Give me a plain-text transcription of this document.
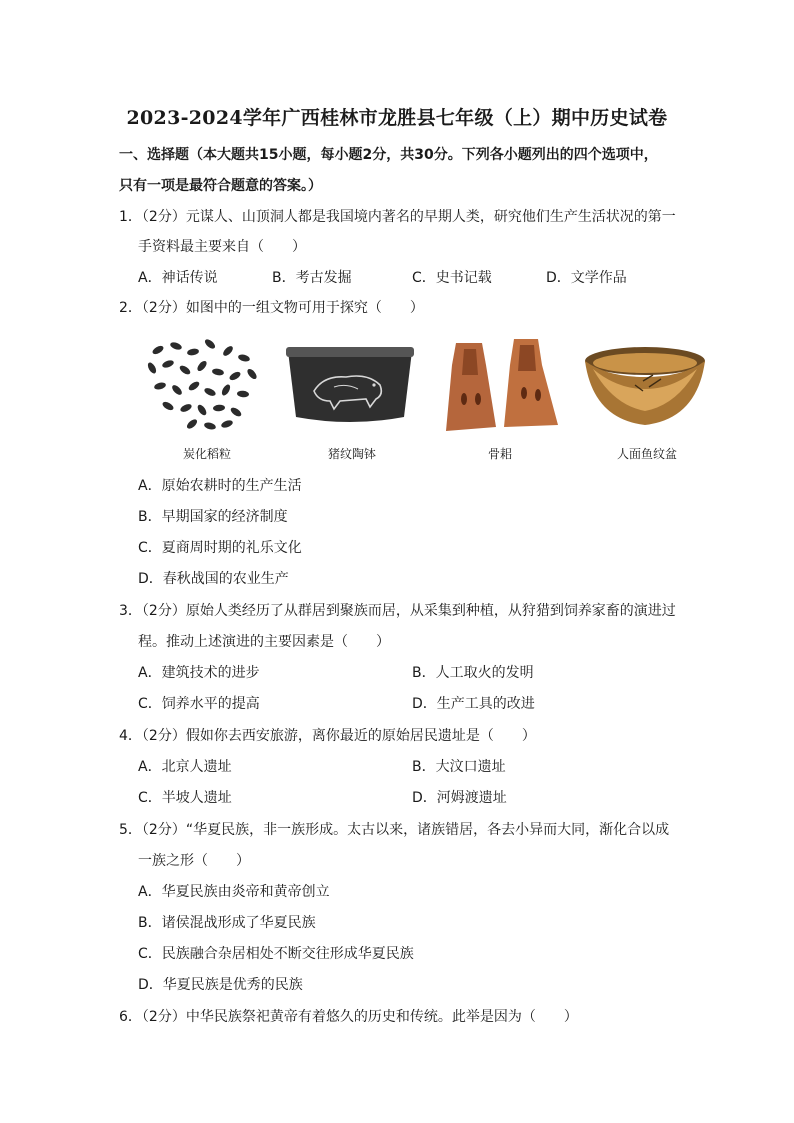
2023-2024学年广西桂林市龙胜县七年级（上）期中历史试卷
一、选择题（本大题共15小题，每小题2分，共30分。下列各小题列出的四个选项中，
只有一项是最符合题意的答案。）
1．（2分）元谋人、山顶洞人都是我国境内著名的早期人类，研究他们生产生活状况的第一
手资料最主要来自（　　）
A．神话传说	B．考古发掘	C．史书记载	D．文学作品
2．（2分）如图中的一组文物可用于探究（　　）
炭化稻粒	猪纹陶钵	骨耜	人面鱼纹盆
A．原始农耕时的生产生活
B．早期国家的经济制度
C．夏商周时期的礼乐文化
D．春秋战国的农业生产
3．（2分）原始人类经历了从群居到聚族而居，从采集到种植，从狩猎到饲养家畜的演进过
程。推动上述演进的主要因素是（　　）
A．建筑技术的进步	B．人工取火的发明
C．饲养水平的提高	D．生产工具的改进
4．（2分）假如你去西安旅游，离你最近的原始居民遗址是（　　）
A．北京人遗址	B．大汶口遗址
C．半坡人遗址	D．河姆渡遗址
5．（2分）“华夏民族，非一族形成。太古以来，诸族错居，各去小异而大同，渐化合以成
一族之形（　　）
A．华夏民族由炎帝和黄帝创立
B．诸侯混战形成了华夏民族
C．民族融合杂居相处不断交往形成华夏民族
D．华夏民族是优秀的民族
6．（2分）中华民族祭祀黄帝有着悠久的历史和传统。此举是因为（　　）
